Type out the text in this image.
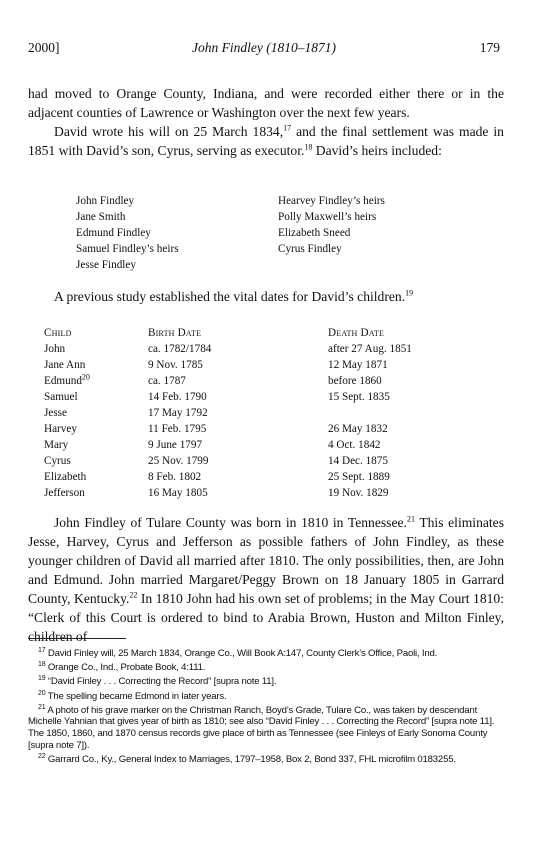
2000]	John Findley (1810–1871)	179

had moved to Orange County, Indiana, and were recorded either there or in the adjacent counties of Lawrence or Washington over the next few years.

David wrote his will on 25 March 1834,17 and the final settlement was made in 1851 with David’s son, Cyrus, serving as executor.$^{18}$ David’s heirs included:

John Findley
Jane Smith
Edmund Findley
Samuel Findley’s heirs
Jesse Findley
Hearvey Findley’s heirs
Polly Maxwell’s heirs
Elizabeth Sneed
Cyrus Findley

A previous study established the vital dates for David’s children.$^{19}$

Child	Birth Date	Death Date
John	ca. 1782/1784	after 27 Aug. 1851
Jane Ann	9 Nov. 1785	12 May 1871
Edmund$^{20}$	ca. 1787	before 1860
Samuel	14 Feb. 1790	15 Sept. 1835
Jesse	17 May 1792
Harvey	11 Feb. 1795	26 May 1832
Mary	9 June 1797	4 Oct. 1842
Cyrus	25 Nov. 1799	14 Dec. 1875
Elizabeth	8 Feb. 1802	25 Sept. 1889
Jefferson	16 May 1805	19 Nov. 1829

John Findley of Tulare County was born in 1810 in Tennessee.$^{21}$ This eliminates Jesse, Harvey, Cyrus and Jefferson as possible fathers of John Findley, as these younger children of David all married after 1810. The only possibilities, then, are John and Edmund. John married Margaret/Peggy Brown on 18 January 1805 in Garrard County, Kentucky.$^{22}$ In 1810 John had his own set of problems; in the May Court 1810: “Clerk of this Court is ordered to bind to Arabia Brown, Huston and Milton Finley, children of

$^{17}$ David Finley will, 25 March 1834, Orange Co., Will Book A:147, County Clerk’s Office, Paoli, Ind.

$^{18}$ Orange Co., Ind., Probate Book, 4:111.

$^{19}$ “David Finley . . . Correcting the Record” [supra note 11].

$^{20}$ The spelling became Edmond in later years.

$^{21}$ A photo of his grave marker on the Christman Ranch, Boyd’s Grade, Tulare Co., was taken by descendant Michelle Yahnian that gives year of birth as 1810; see also “David Finley . . . Correcting the Record” [supra note 11]. The 1850, 1860, and 1870 census records give place of birth as Tennessee (see Finleys of Early Sonoma County [supra note 7]).

$^{22}$ Garrard Co., Ky., General Index to Marriages, 1797–1958, Box 2, Bond 337, FHL microfilm 0183255.
